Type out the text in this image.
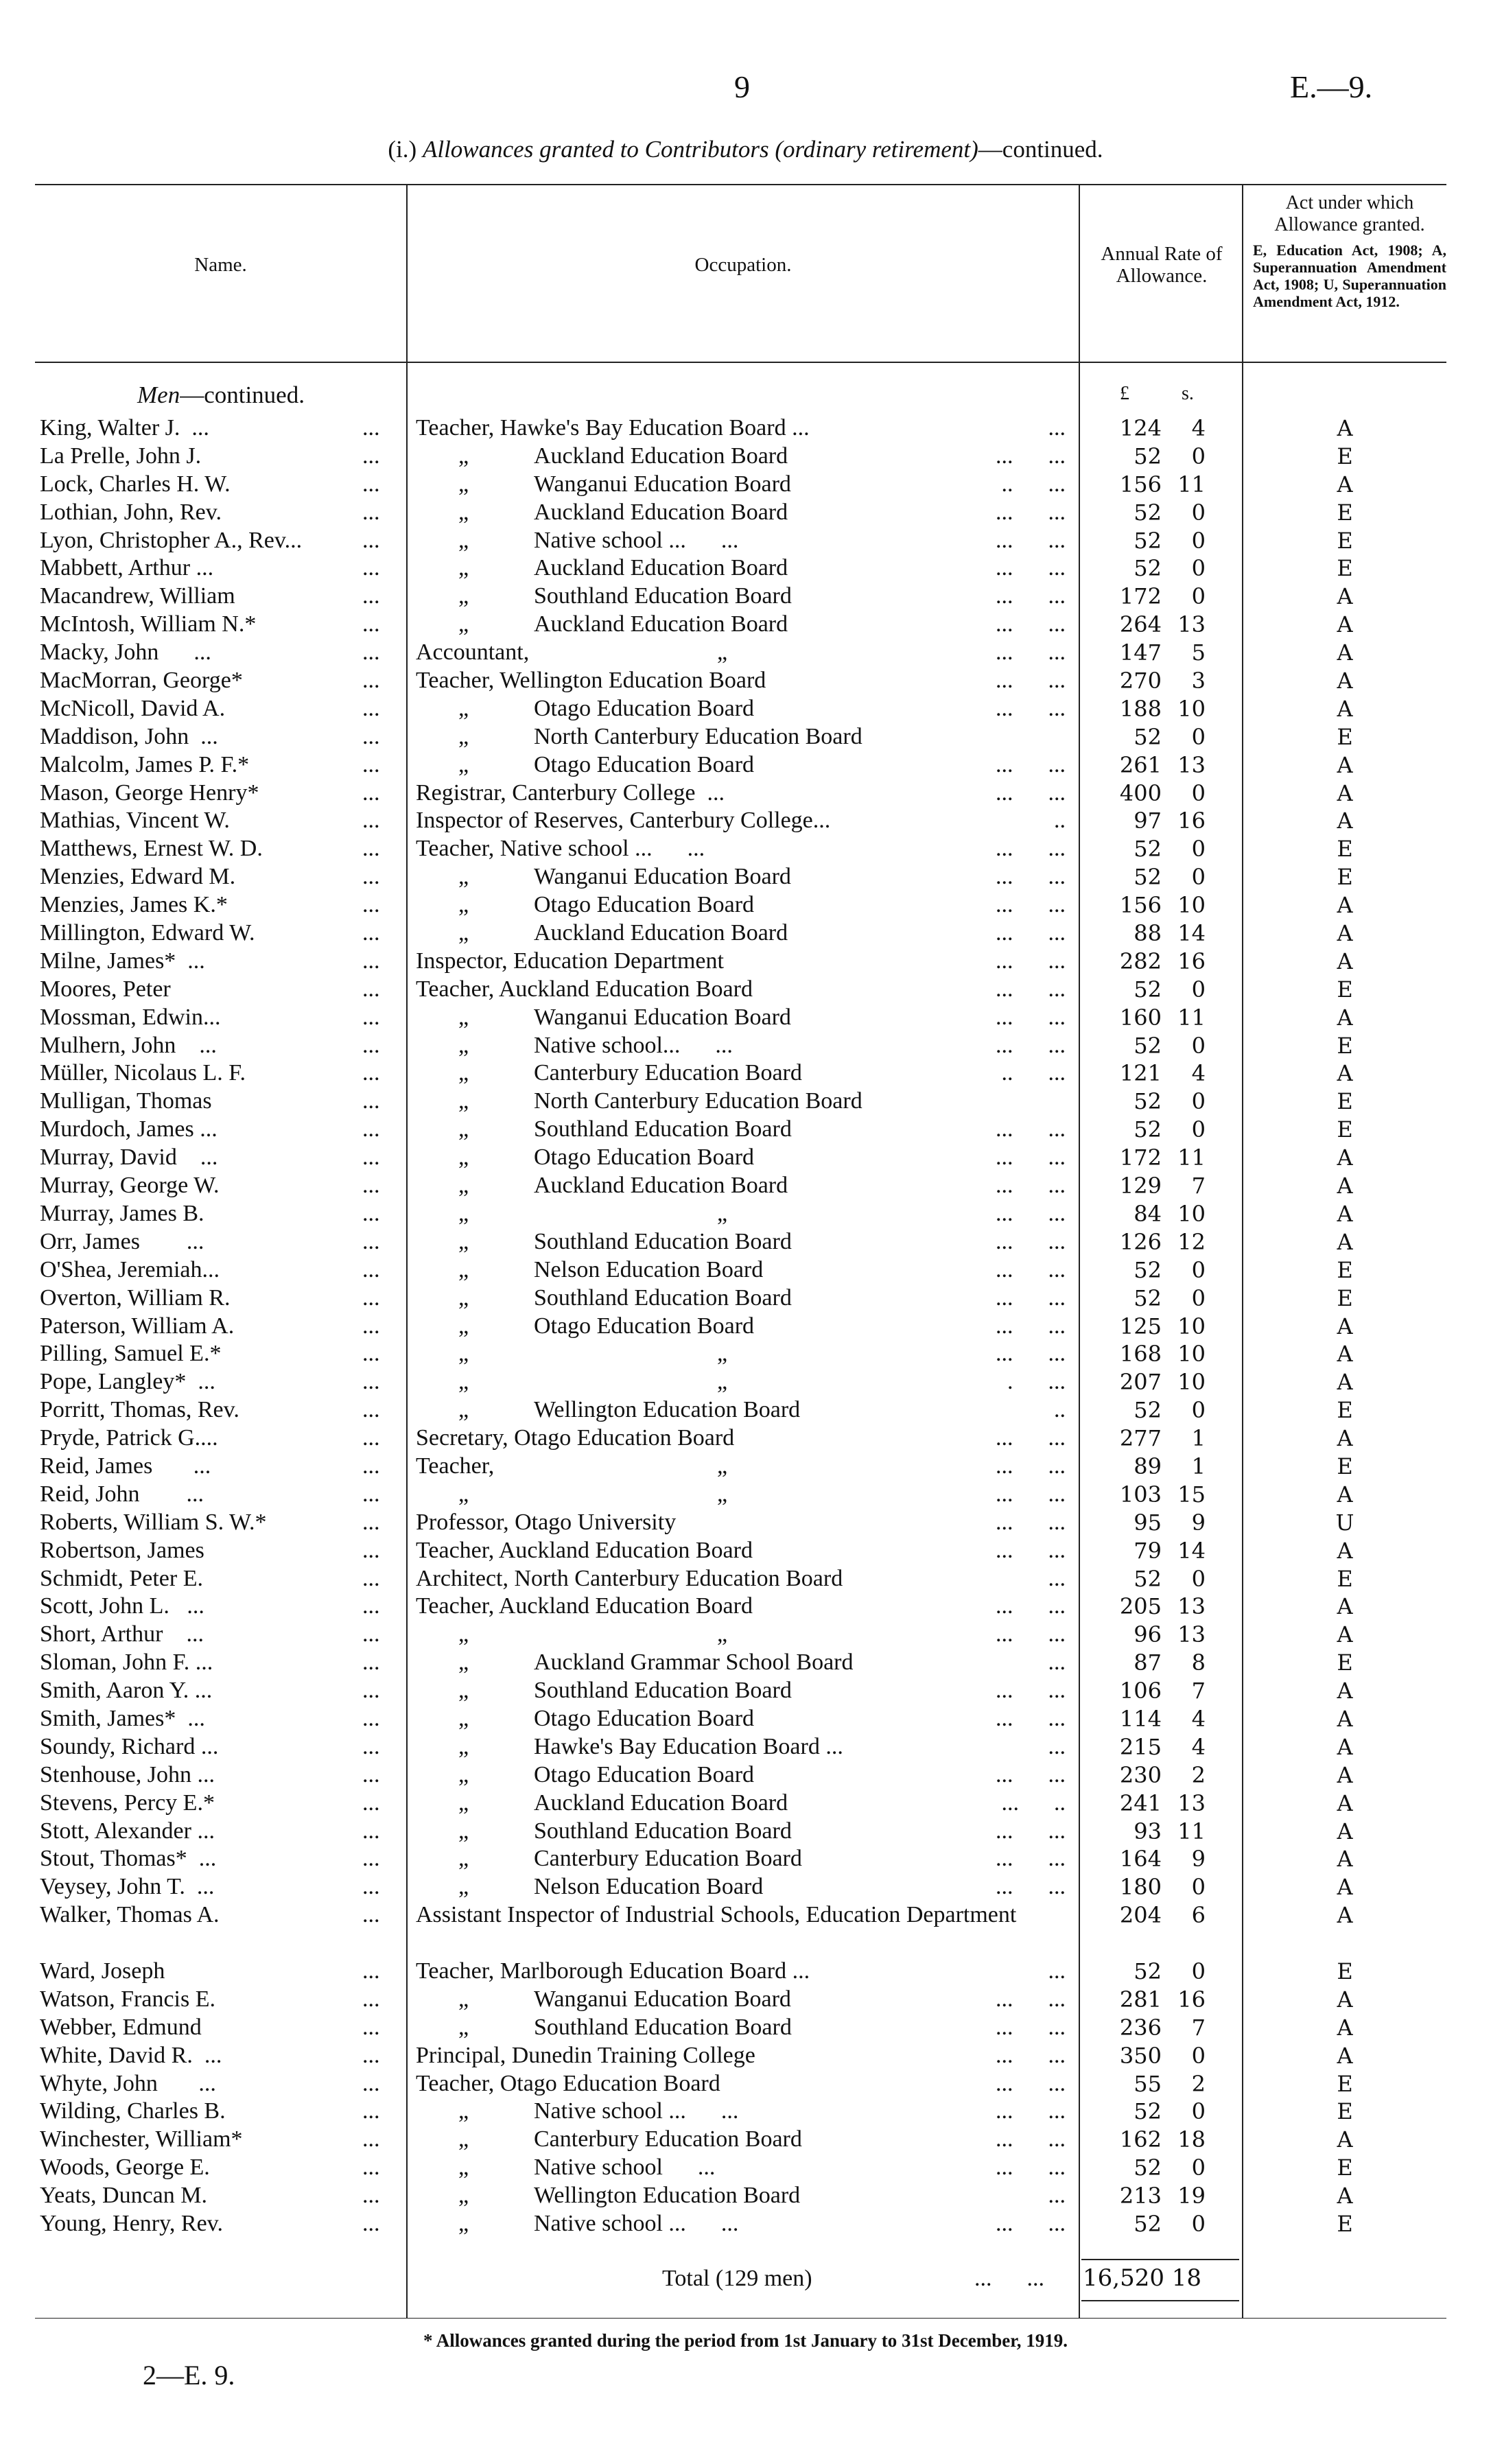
9	E.—9.
(i.) Allowances granted to Contributors (ordinary retirement)—continued.
Name.	Occupation.	Annual Rate of Allowance.
Act under which Allowance granted.
E, Education Act, 1908; A, Superannuation Amendment Act, 1908; U, Superannuation Amendment Act, 1912.
Men—continued.	£	s.
King, Walter J.  ...	... Teacher, Hawke's Bay Education Board ...	... 124 4	A
La Prelle, John J.	...	„	Auckland Education Board	...      ...	52 0	E
Lock, Charles H. W.	...	„	Wanganui Education Board	..      ... 156 11	A
Lothian, John, Rev.	...	„	Auckland Education Board	...      ...	52 0	E
Lyon, Christopher A., Rev...	...	„	Native school ...      ...	...      ...	52 0	E
Mabbett, Arthur ...	...	„	Auckland Education Board	...      ...	52 0	E
Macandrew, William	...	„	Southland Education Board	...      ... 172 0	A
McIntosh, William N.*	...	„	Auckland Education Board	...      ... 264 13	A
Macky, John      ...	... Accountant,	„	...      ... 147 5	A
MacMorran, George*	... Teacher, Wellington Education Board	...      ... 270 3	A
McNicoll, David A.	...	„	Otago Education Board	...      ... 188 10	A
Maddison, John  ...	...	„	North Canterbury Education Board	52 0	E
Malcolm, James P. F.*	...	„	Otago Education Board	...      ... 261 13	A
Mason, George Henry*	... Registrar, Canterbury College  ...	...      ... 400 0	A
Mathias, Vincent W.	... Inspector of Reserves, Canterbury College...	..	97 16	A
Matthews, Ernest W. D.	... Teacher, Native school ...      ...	...      ...	52 0	E
Menzies, Edward M.	...	„	Wanganui Education Board	...      ...	52 0	E
Menzies, James K.*	...	„	Otago Education Board	...      ... 156 10	A
Millington, Edward W.	...	„	Auckland Education Board	...      ...	88 14	A
Milne, James*  ...	... Inspector, Education Department	...      ... 282 16	A
Moores, Peter	... Teacher, Auckland Education Board	...      ...	52 0	E
Mossman, Edwin...	...	„	Wanganui Education Board	...      ... 160 11	A
Mulhern, John    ...	...	„	Native school...      ...	...      ...	52 0	E
Müller, Nicolaus L. F.	...	„	Canterbury Education Board	..      ... 121 4	A
Mulligan, Thomas	...	„	North Canterbury Education Board	52 0	E
Murdoch, James ...	...	„	Southland Education Board	...      ...	52 0	E
Murray, David    ...	...	„	Otago Education Board	...      ... 172 11	A
Murray, George W.	...	„	Auckland Education Board	...      ... 129 7	A
Murray, James B.	...	„	„	...      ...	84 10	A
Orr, James        ...	...	„	Southland Education Board	...      ... 126 12	A
O'Shea, Jeremiah...	...	„	Nelson Education Board	...      ...	52 0	E
Overton, William R.	...	„	Southland Education Board	...      ...	52 0	E
Paterson, William A.	...	„	Otago Education Board	...      ... 125 10	A
Pilling, Samuel E.*	...	„	„	...      ... 168 10	A
Pope, Langley*  ...	...	„	„	.      ... 207 10	A
Porritt, Thomas, Rev.	...	„	Wellington Education Board	..	52 0	E
Pryde, Patrick G....	... Secretary, Otago Education Board	...      ... 277 1	A
Reid, James       ...	... Teacher,	„	...      ...	89 1	E
Reid, John        ...	...	„	„	...      ... 103 15	A
Roberts, William S. W.*	... Professor, Otago University	...      ...	95 9	U
Robertson, James	... Teacher, Auckland Education Board	...      ...	79 14	A
Schmidt, Peter E.	... Architect, North Canterbury Education Board	...	52 0	E
Scott, John L.   ...	... Teacher, Auckland Education Board	...      ... 205 13	A
Short, Arthur    ...	...	„	„	...      ...	96 13	A
Sloman, John F. ...	...	„	Auckland Grammar School Board	...	87 8	E
Smith, Aaron Y. ...	...	„	Southland Education Board	...      ... 106 7	A
Smith, James*  ...	...	„	Otago Education Board	...      ... 114 4	A
Soundy, Richard ...	...	„	Hawke's Bay Education Board ...	... 215 4	A
Stenhouse, John ...	...	„	Otago Education Board	...      ... 230 2	A
Stevens, Percy E.*	...	„	Auckland Education Board	...      .. 241 13	A
Stott, Alexander ...	...	„	Southland Education Board	...      ...	93 11	A
Stout, Thomas*  ...	...	„	Canterbury Education Board	...      ... 164 9	A
Veysey, John T.  ...	...	„	Nelson Education Board	...      ... 180 0	A
Walker, Thomas A.	... Assistant Inspector of Industrial Schools, Education Department	204 6	A
Ward, Joseph	... Teacher, Marlborough Education Board ...	...	52 0	E
Watson, Francis E.	...	„	Wanganui Education Board	...      ... 281 16	A
Webber, Edmund	...	„	Southland Education Board	...      ... 236 7	A
White, David R.  ...	... Principal, Dunedin Training College	...      ... 350 0	A
Whyte, John       ...	... Teacher, Otago Education Board	...      ...	55 2	E
Wilding, Charles B.	...	„	Native school ...      ...	...      ...	52 0	E
Winchester, William*	...	„	Canterbury Education Board	...      ... 162 18	A
Woods, George E.	...	„	Native school      ...	...      ...	52 0	E
Yeats, Duncan M.	...	„	Wellington Education Board	... 213 19	A
Young, Henry, Rev.	...	„	Native school ...      ...	...      ...	52 0	E
Total (129 men)	...      ... 16,520 18
* Allowances granted during the period from 1st January to 31st December, 1919.
2—E. 9.
